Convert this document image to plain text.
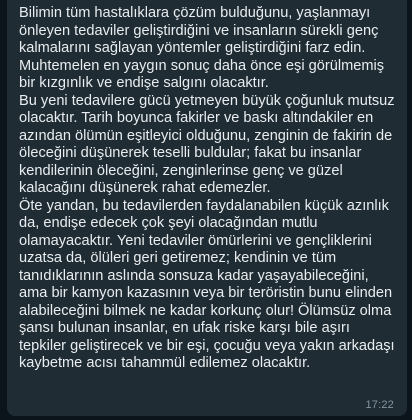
Bilimin tüm hastalıklara çözüm bulduğunu, yaşlanmayı önleyen tedaviler geliştirdiğini ve insanların sürekli genç kalmalarını sağlayan yöntemler geliştirdiğini farz edin. Muhtemelen en yaygın sonuç daha önce eşi görülmemiş bir kızgınlık ve endişe salgını olacaktır.

Bu yeni tedavilere gücü yetmeyen büyük çoğunluk mutsuz olacaktır. Tarih boyunca fakirler ve baskı altındakiler en azından ölümün eşitleyici olduğunu, zenginin de fakirin de öleceğini düşünerek teselli buldular; fakat bu insanlar kendilerinin öleceğini, zenginlerinse genç ve güzel kalacağını düşünerek rahat edemezler.

Öte yandan, bu tedavilerden faydalanabilen küçük azınlık da, endişe edecek çok şeyi olacağından mutlu olamayacaktır. Yeni tedaviler ömürlerini ve gençliklerini uzatsa da, ölüleri geri getiremez; kendinin ve tüm tanıdıklarının aslında sonsuza kadar yaşayabileceğini, ama bir kamyon kazasının veya bir teröristin bunu elinden alabileceğini bilmek ne kadar korkunç olur! Ölümsüz olma şansı bulunan insanlar, en ufak riske karşı bile aşırı tepkiler geliştirecek ve bir eşi, çocuğu veya yakın arkadaşı kaybetme acısı tahammül edilemez olacaktır.

17:22
